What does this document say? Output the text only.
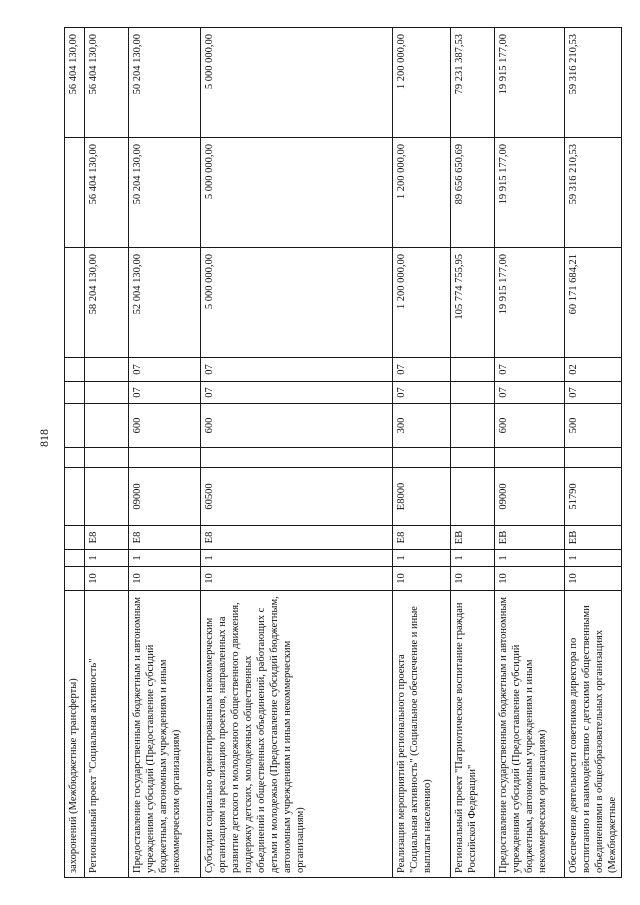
818
захоронений (Межбюджетные трансферты)											56 404 130,00
Региональный проект "Социальная активность"	10	1	E8						58 204 130,00	56 404 130,00	56 404 130,00
Предоставление государственным бюджетным и автономным учреждениям субсидий (Предоставление субсидий бюджетным, автономным учреждениям и иным некоммерческим организациям)	10	1	E8	09000		600	07	07	52 004 130,00	50 204 130,00	50 204 130,00
Субсидии социально ориентированным некоммерческим организациям на реализацию проектов, направленных на развитие детского и молодежного общественного движения, поддержку детских, молодежных общественных объединений и общественных объединений, работающих с детьми и молодежью (Предоставление субсидий бюджетным, автономным учреждениям и иным некоммерческим организациям)	10	1	E8	60500		600	07	07	5 000 000,00	5 000 000,00	5 000 000,00
Реализация мероприятий регионального проекта "Социальная активность" (Социальное обеспечение и иные выплаты населению)	10	1	E8	E8000		300	07	07	1 200 000,00	1 200 000,00	1 200 000,00
Региональный проект "Патриотическое воспитание граждан Российской Федерации"	10	1	EB						105 774 755,95	89 656 650,69	79 231 387,53
Предоставление государственным бюджетным и автономным учреждениям субсидий (Предоставление субсидий бюджетным, автономным учреждениям и иным некоммерческим организациям)	10	1	EB	09000		600	07	07	19 915 177,00	19 915 177,00	19 915 177,00
Обеспечение деятельности советников директора по воспитанию и взаимодействию с детскими общественными объединениями в общеобразовательных организациях (Межбюджетные	10	1	EB	51790		500	07	02	60 171 684,21	59 316 210,53	59 316 210,53
